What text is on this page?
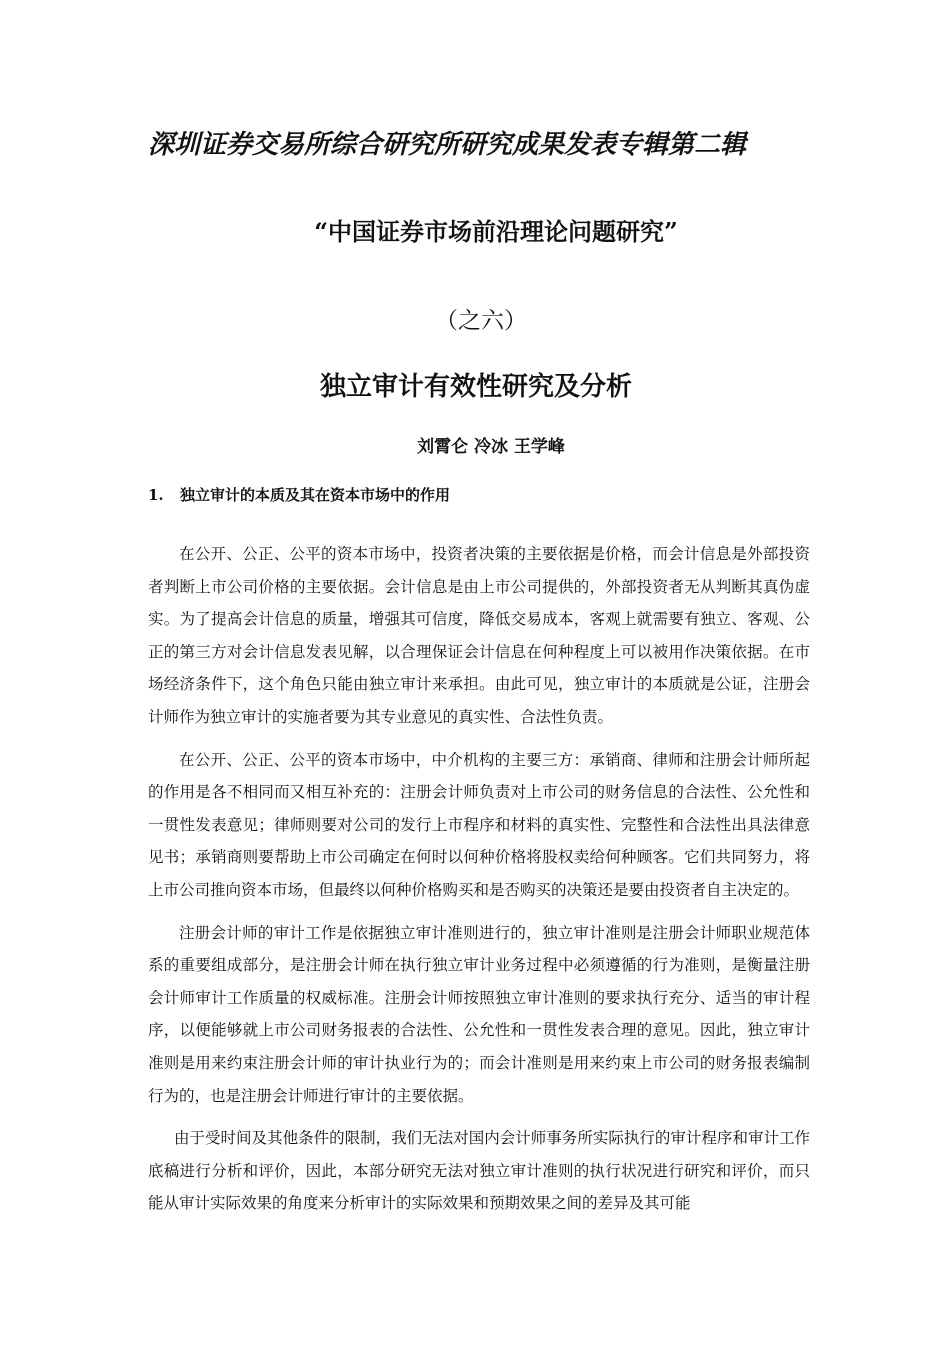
深圳证券交易所综合研究所研究成果发表专辑第二辑
“中国证券市场前沿理论问题研究”
（之六）
独立审计有效性研究及分析
刘霄仑 冷冰 王学峰
1. 独立审计的本质及其在资本市场中的作用

在公开、公正、公平的资本市场中，投资者决策的主要依据是价格，而会计信息是外部投资者判断上市公司价格的主要依据。会计信息是由上市公司提供的，外部投资者无从判断其真伪虚实。为了提高会计信息的质量，增强其可信度，降低交易成本，客观上就需要有独立、客观、公正的第三方对会计信息发表见解，以合理保证会计信息在何种程度上可以被用作决策依据。在市场经济条件下，这个角色只能由独立审计来承担。由此可见，独立审计的本质就是公证，注册会计师作为独立审计的实施者要为其专业意见的真实性、合法性负责。

在公开、公正、公平的资本市场中，中介机构的主要三方：承销商、律师和注册会计师所起的作用是各不相同而又相互补充的：注册会计师负责对上市公司的财务信息的合法性、公允性和一贯性发表意见；律师则要对公司的发行上市程序和材料的真实性、完整性和合法性出具法律意见书；承销商则要帮助上市公司确定在何时以何种价格将股权卖给何种顾客。它们共同努力，将上市公司推向资本市场，但最终以何种价格购买和是否购买的决策还是要由投资者自主决定的。

注册会计师的审计工作是依据独立审计准则进行的，独立审计准则是注册会计师职业规范体系的重要组成部分，是注册会计师在执行独立审计业务过程中必须遵循的行为准则，是衡量注册会计师审计工作质量的权威标准。注册会计师按照独立审计准则的要求执行充分、适当的审计程序，以便能够就上市公司财务报表的合法性、公允性和一贯性发表合理的意见。因此，独立审计准则是用来约束注册会计师的审计执业行为的；而会计准则是用来约束上市公司的财务报表编制行为的，也是注册会计师进行审计的主要依据。

由于受时间及其他条件的限制，我们无法对国内会计师事务所实际执行的审计程序和审计工作底稿进行分析和评价，因此，本部分研究无法对独立审计准则的执行状况进行研究和评价，而只能从审计实际效果的角度来分析审计的实际效果和预期效果之间的差异及其可能
